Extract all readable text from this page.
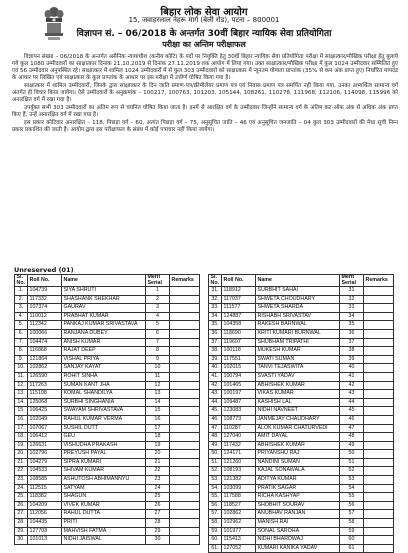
बिहार लोक सेवा आयोग
15, जवाहरलाल नेहरू मार्ग (बेली रोड), पटना – 800001
विज्ञापन सं. – 06/2018 के अन्तर्गत 30वीं बिहार न्यायिक सेवा प्रतियोगिता
परीक्षा का अन्तिम परीक्षाफल

विज्ञापन संख्या – 06/2018 के अन्तर्गत असैनिक न्यायाधीश (कनीय कोटि) के पदों पर नियुक्ति हेतु 30वीं बिहार न्यायिक सेवा प्रतियोगिता परीक्षा में साक्षात्कार/मौखिक परीक्षा हेतु बुलाये गये कुल 1080 उम्मीदवारों का साक्षात्कार दिनांक 21.10.2019 से दिनांक 27.11.2019 तक आयोग में लिया गया। उक्त साक्षात्कार/मौखिक परीक्षा में कुल 1024 उम्मीदवार सम्मिलित हुए एवं 56 उम्मीदवार अनुपस्थित रहे। साक्षात्कार में शामिल 1024 उम्मीदवारों में से कुल 303 उम्मीदवारों को साक्षात्कार में न्यूनतम योग्यता प्राप्तांक (35% से कम अंक प्राप्त हुए) निर्धारित मापदंड के आधार पर लिखित एवं साक्षात्कार के कुल प्राप्तांक के आधार पर इस परीक्षा में उत्तीर्ण घोषित किया गया है।

साक्षात्कार में शामिल उम्मीदवारों, जिनके द्वारा साक्षात्कार के दिन जाति प्रमाण-पत्र/क्रीमीलेयर प्रमाण पत्र एवं निवास प्रमाण पत्र समर्पित नहीं किया गया, उनका अभ्यर्थित्व सामान्य वर्ग अंतर्गत ही विचार किया जायेगा। ऐसे उम्मीदवारों के अनुक्रमांक – 100217, 100763, 101203, 105144, 108261, 110278, 111968, 112106, 114098, 115996 को अनारक्षित वर्ग में रखा गया है।

उपर्युक्त सभी 303 उम्मीदवारों का अंतिम रूप से चयनित घोषित किया जाता है। इनमें से आरक्षित वर्ग के उम्मीदवार जिन्होंने सामान्य वर्ग के अंतिम कट-ऑफ अंक से अधिक अंक प्राप्त किए हैं, उन्हें अनारक्षित वर्ग में रखा गया है।

इस प्रकार कोटिवार अनारक्षित – 118, पिछड़ा वर्ग – 60, अत्यंत पिछड़ा वर्ग – 75, अनुसूचित जाति – 46 एवं अनुसूचित जनजाति – 04 कुल 303 उम्मीदवारों की मेधा सूची निम्न प्रकार प्रकाशित की जाती है। आयोग द्वारा इस परीक्षाफल के संबंध में कोई पत्राचार नहीं किया जायेगा।

Unreserved (01)
Sl. No.	Roll No.	Name	Merit Serial	Remarks
1.	104739	SIYA SHRUTI	1	
2.	117332	SHASHANK SHEKHAR	2	
3.	107374	GAURAV	3	
4.	110012	PRABHAT KUMAR	4	
5.	112342	PANKAJ KUMAR SRIVASTAVA	5	
6.	100066	RANJANA DUBEY	6	
7.	104474	ANISH KUMAR	7	
8.	116868	RAJAT DEEP	8	
9.	121864	VISHAL PRIYA	9	
10.	102862	SANJAY KAYAT	10	
11.	126590	ROHIT SINHA	11	
12.	117263	SUMAN KANT JHA	12	
13.	115108	KOMAL SHANDILYA	13	
14.	125068	SURBHI SINGHANIA	14	
15.	106425	SWAYAM SHRIVASTAVA	15	
16.	102049	RAHUL KUMAR VERMA	16	
17.	107067	SUSHIL DUTT	17	
18.	106412	GEU	18	
19.	126631	VISHUDHA PRAKASH	19	
20.	102796	PREYUSH PAYAL	20	
21.	104279	SIPRA KUMARI	21	
22.	104533	SHIVAM KUMAR	22	
23.	108585	ASHUTOSH ABHIMANNYU	23	
24.	112515	SATYAM	24	
25.	118382	SHAGUN	25	
26.	104209	VIVEK KUMAR	26	
27.	112056	RAHUL DUTTA	27	
28.	104435	PRITI	28	
29.	127708	MAHVISH FATMA	29	
30.	101013	NIDHI JAISWAL	30	
Sl. No.	Roll No.	Name	Merit Serial	Remarks
31.	118912	SURBHIT SAHAI	31	
32.	117037	SHWETA CHOUDHARY	32	
33.	111577	SHWETA SHARDA	33	
34.	124887	RISHABH SRIVASTAV	34	
35.	104358	RAKESH BARNWAL	35	
36.	118690	KRITI KUMARI BURNWAL	36	
37.	119607	SHUBHAM TRIPATHI	37	
38.	100118	MUKESH KUMAR	38	
39.	117551	SWATI SUMAN	39	
40.	102015	TANVI TEJASWITA	40	
41.	100794	SVASTI YADAV	41	
42.	101465	ABHISHEK KUMAR	42	
43.	100197	VIKAS KUMAR	43	
44.	109487	KASHISH LAL	44	
45.	123083	NIDHI NAVNEET	45	
46.	108773	JANMEJAY CHAUDHARY	46	
47.	110287	ALOK KUMAR CHATURVEDI	47	
48.	127040	AMIT DAYAL	48	
49.	117432	ABHISHEK KUMAR	49	
50.	124171	PRIYANSHU RAJ	50	
51.	121260	NANDINI SUMAN	51	
52.	108193	KAJAL SONAWALA	52	
53.	121382	ADITYA KUMAR	53	
54.	103099	PRATIK SAGAR	54	
55.	117588	RICHA KASHYAP	55	
56.	118527	SHOBHIT SOURAV	56	
57.	102862	ANUBHAV RANJAN	57	
58.	102962	MANISH RAI	58	
59.	101977	SONAL SAROHA	59	
60.	115413	NIDHI BHARDWAJ	60	
61.	127052	KUMARI KANIKA YADAV	61	
